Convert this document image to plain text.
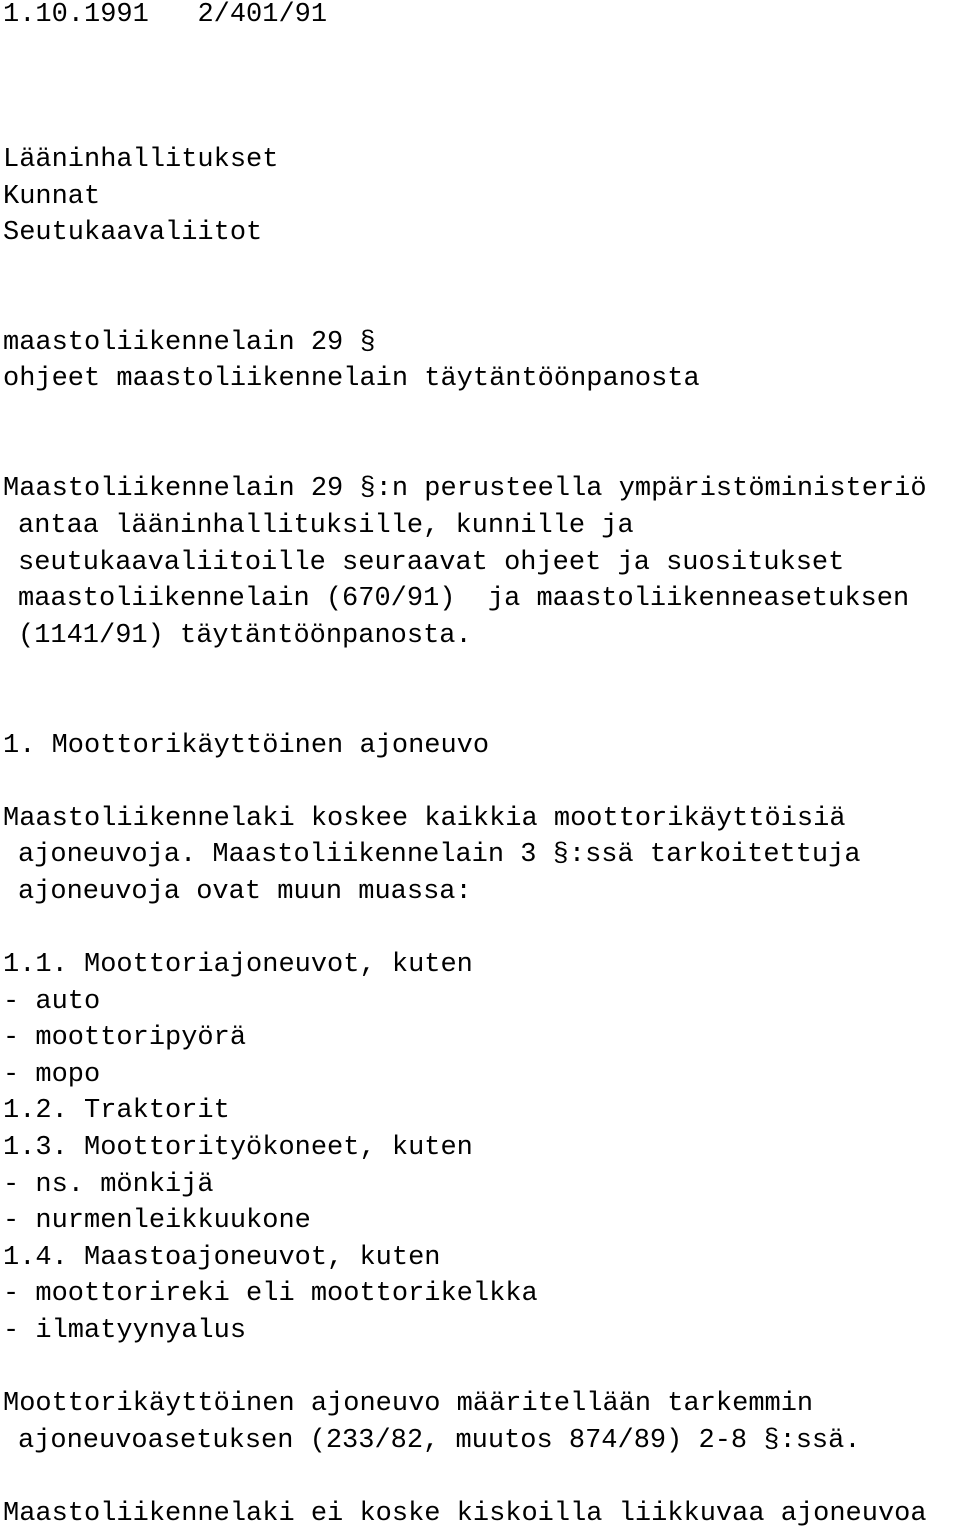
1.10.1991 2/401/91
Lääninhallitukset
Kunnat
Seutukaavaliitot
maastoliikennelain 29 §
ohjeet maastoliikennelain täytäntöönpanosta
Maastoliikennelain 29 §:n perusteella ympäristöministeriö
antaa lääninhallituksille, kunnille ja
seutukaavaliitoille seuraavat ohjeet ja suositukset
maastoliikennelain (670/91)  ja maastoliikenneasetuksen
(1141/91) täytäntöönpanosta.
1. Moottorikäyttöinen ajoneuvo
Maastoliikennelaki koskee kaikkia moottorikäyttöisiä
ajoneuvoja. Maastoliikennelain 3 §:ssä tarkoitettuja
ajoneuvoja ovat muun muassa:
1.1. Moottoriajoneuvot, kuten
- auto
- moottoripyörä
- mopo
1.2. Traktorit
1.3. Moottorityökoneet, kuten
- ns. mönkijä
- nurmenleikkuukone
1.4. Maastoajoneuvot, kuten
- moottorireki eli moottorikelkka
- ilmatyynyalus
Moottorikäyttöinen ajoneuvo määritellään tarkemmin
ajoneuvoasetuksen (233/82, muutos 874/89) 2-8 §:ssä.
Maastoliikennelaki ei koske kiskoilla liikkuvaa ajoneuvoa
